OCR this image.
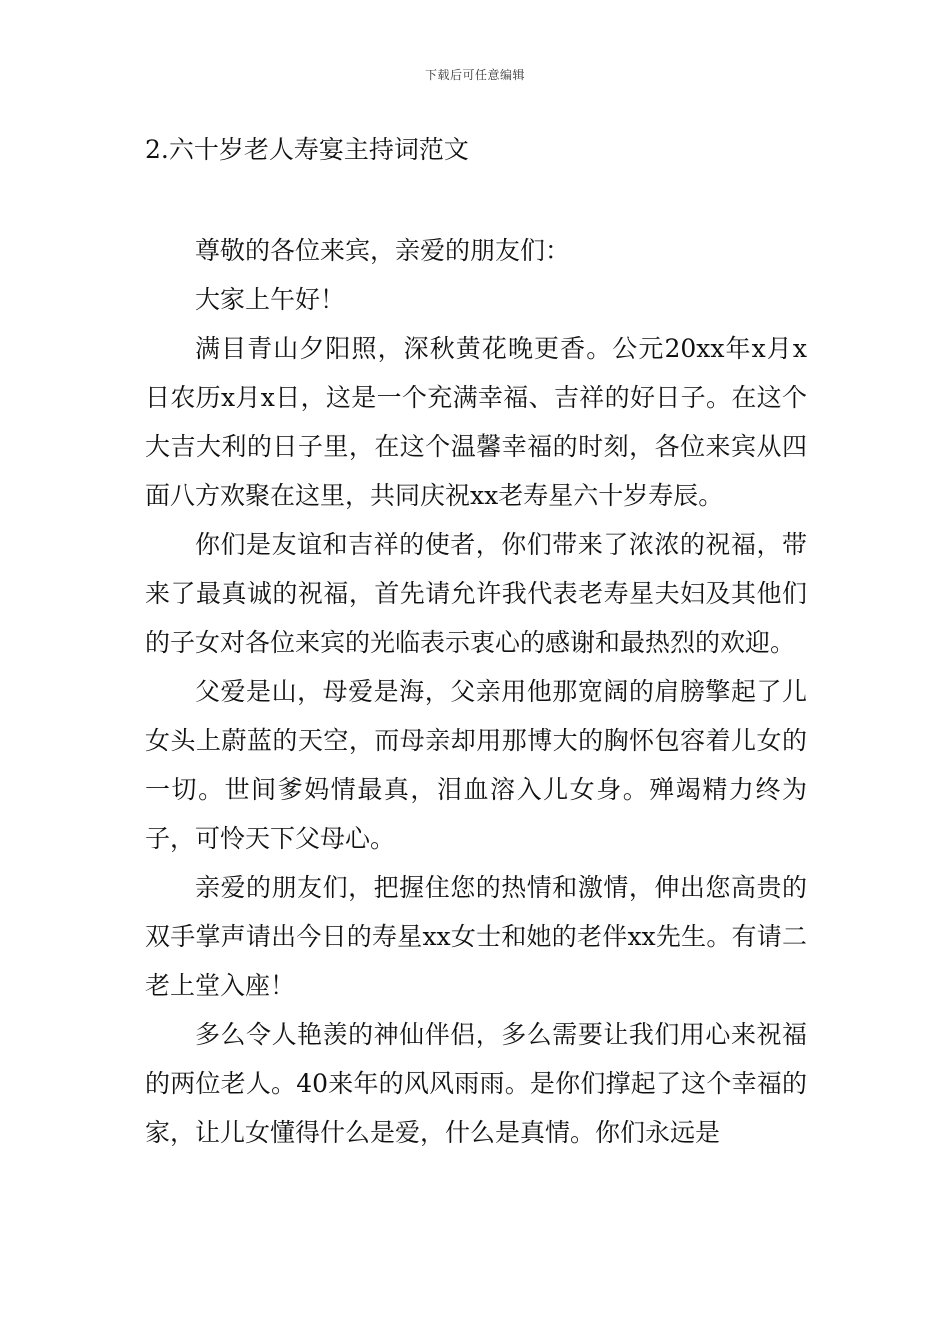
下载后可任意编辑
2.六十岁老人寿宴主持词范文

尊敬的各位来宾，亲爱的朋友们：

大家上午好！

满目青山夕阳照，深秋黄花晚更香。公元20xx年x月x日农历x月x日，这是一个充满幸福、吉祥的好日子。在这个大吉大利的日子里，在这个温馨幸福的时刻，各位来宾从四面八方欢聚在这里，共同庆祝xx老寿星六十岁寿辰。

你们是友谊和吉祥的使者，你们带来了浓浓的祝福，带来了最真诚的祝福，首先请允许我代表老寿星夫妇及其他们的子女对各位来宾的光临表示衷心的感谢和最热烈的欢迎。

父爱是山，母爱是海，父亲用他那宽阔的肩膀擎起了儿女头上蔚蓝的天空，而母亲却用那博大的胸怀包容着儿女的一切。世间爹妈情最真，泪血溶入儿女身。殚竭精力终为子，可怜天下父母心。

亲爱的朋友们，把握住您的热情和激情，伸出您高贵的双手掌声请出今日的寿星xx女士和她的老伴xx先生。有请二老上堂入座！

多么令人艳羡的神仙伴侣，多么需要让我们用心来祝福的两位老人。40来年的风风雨雨。是你们撑起了这个幸福的家，让儿女懂得什么是爱，什么是真情。你们永远是
